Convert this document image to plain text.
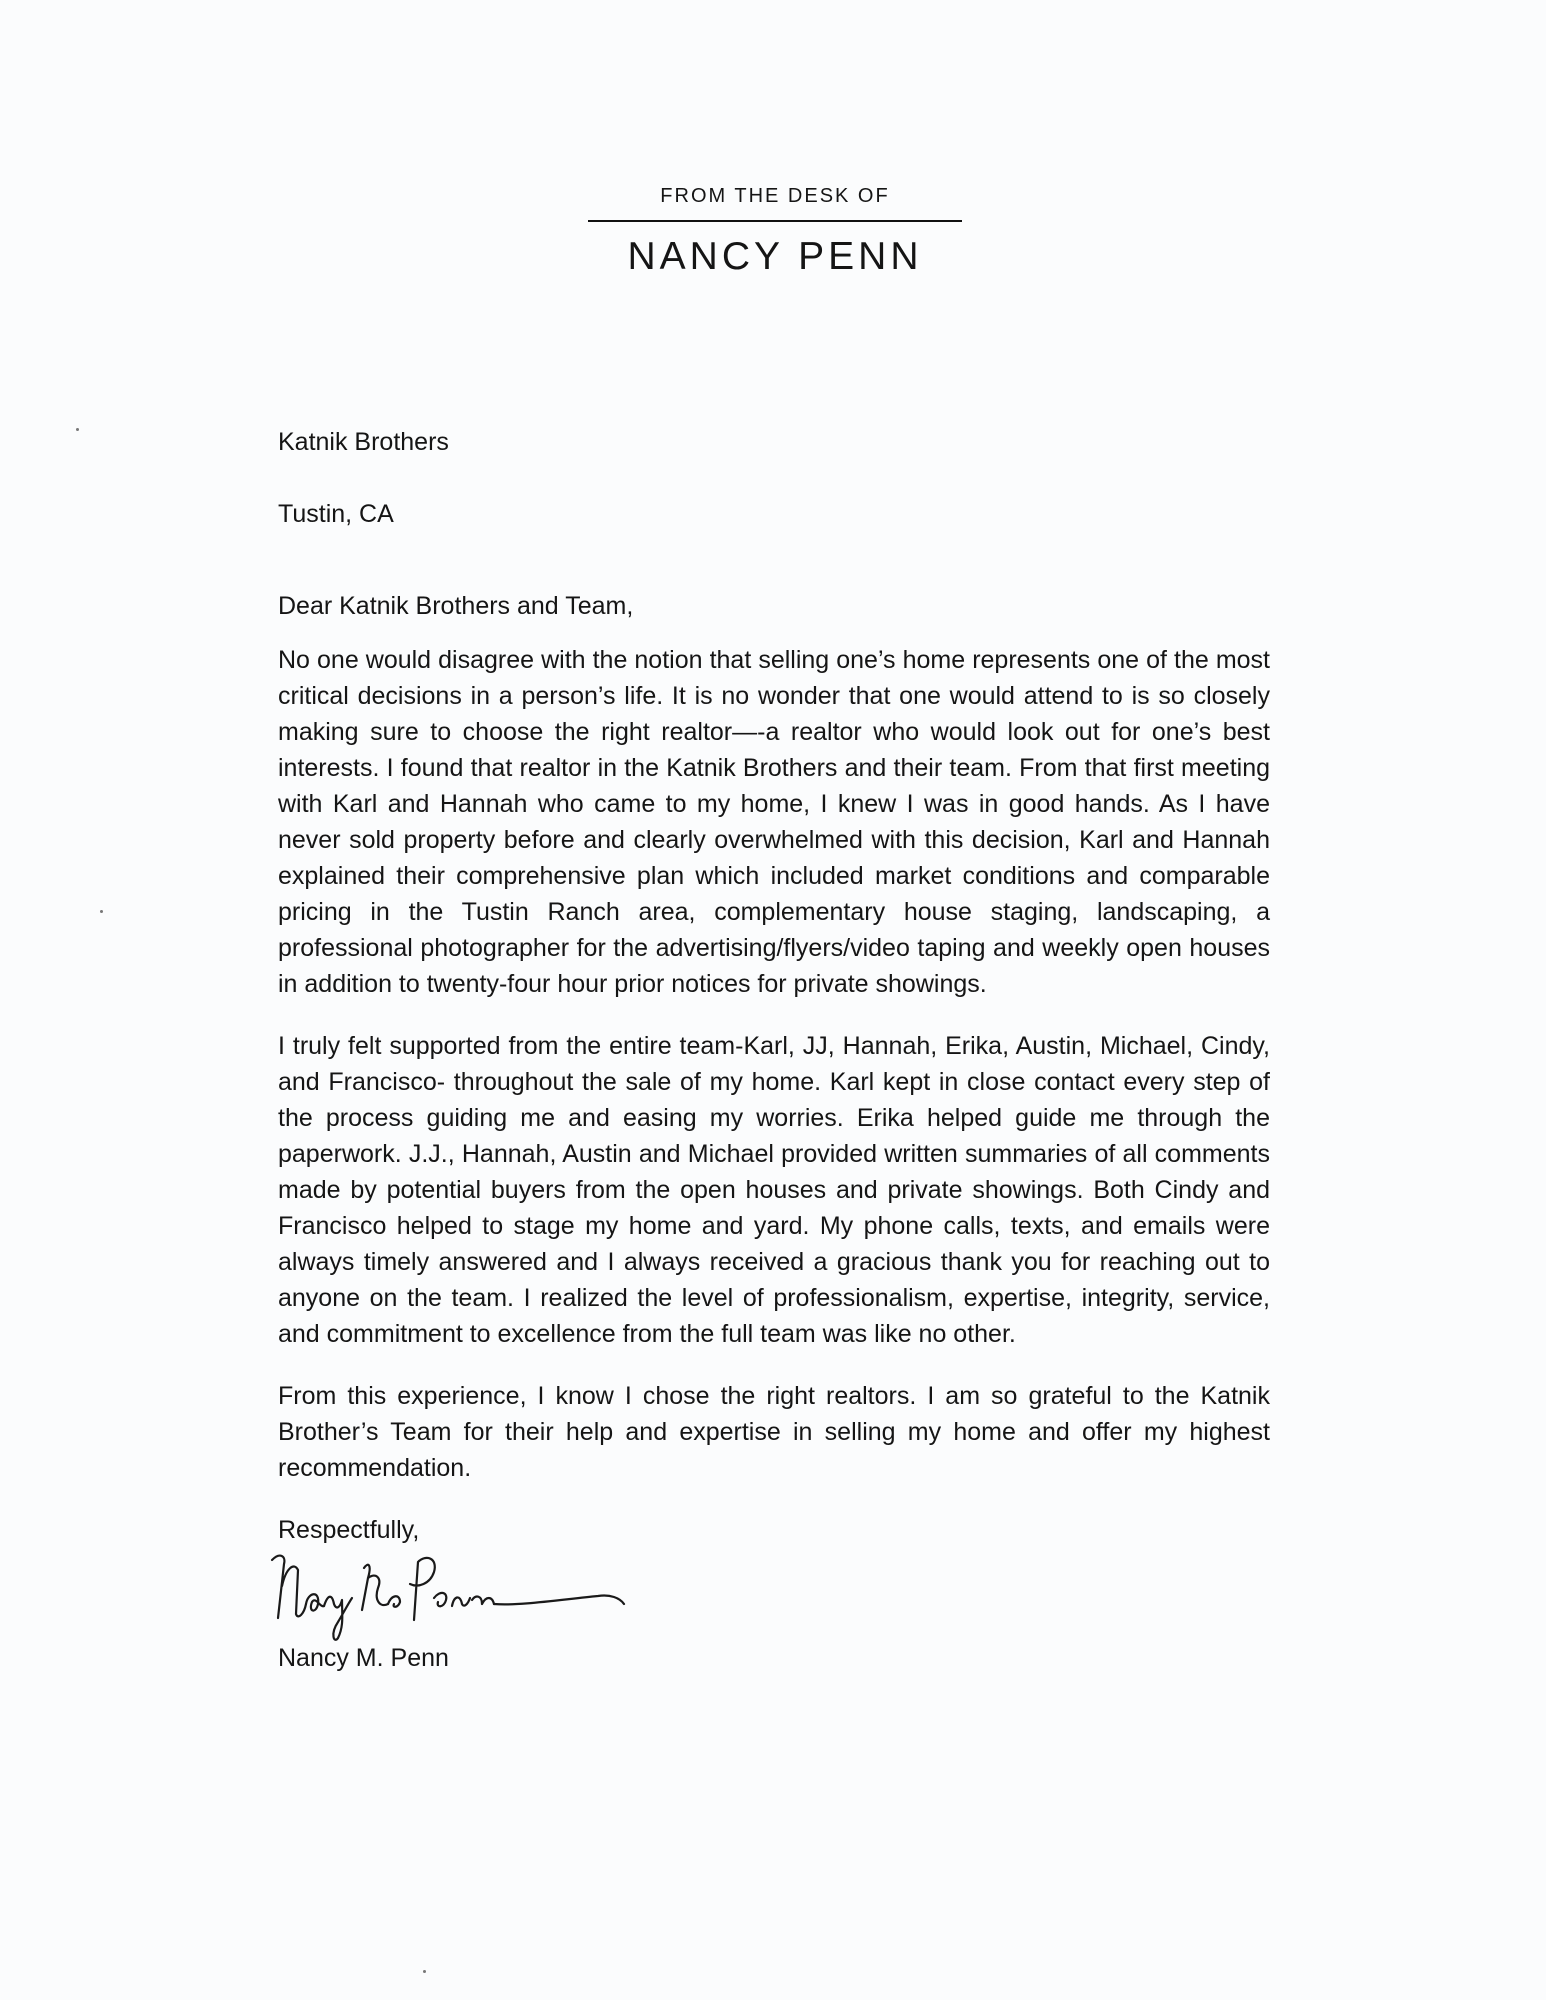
FROM THE DESK OF
NANCY PENN
Katnik Brothers
Tustin, CA
Dear Katnik Brothers and Team,

No one would disagree with the notion that selling one’s home represents one of the most critical decisions in a person’s life. It is no wonder that one would attend to is so closely making sure to choose the right realtor—-a realtor who would look out for one’s best interests. I found that realtor in the Katnik Brothers and their team. From that first meeting with Karl and Hannah who came to my home, I knew I was in good hands. As I have never sold property before and clearly overwhelmed with this decision, Karl and Hannah explained their comprehensive plan which included market conditions and comparable pricing in the Tustin Ranch area, complementary house staging, landscaping, a professional photographer for the advertising/flyers/video taping and weekly open houses in addition to twenty-four hour prior notices for private showings.

I truly felt supported from the entire team-Karl, JJ, Hannah, Erika, Austin, Michael, Cindy, and Francisco- throughout the sale of my home. Karl kept in close contact every step of the process guiding me and easing my worries. Erika helped guide me through the paperwork. J.J., Hannah, Austin and Michael provided written summaries of all comments made by potential buyers from the open houses and private showings. Both Cindy and Francisco helped to stage my home and yard. My phone calls, texts, and emails were always timely answered and I always received a gracious thank you for reaching out to anyone on the team. I realized the level of professionalism, expertise, integrity, service, and commitment to excellence from the full team was like no other.

From this experience, I know I chose the right realtors. I am so grateful to the Katnik Brother’s Team for their help and expertise in selling my home and offer my highest recommendation.

Respectfully,
Nancy M. Penn
